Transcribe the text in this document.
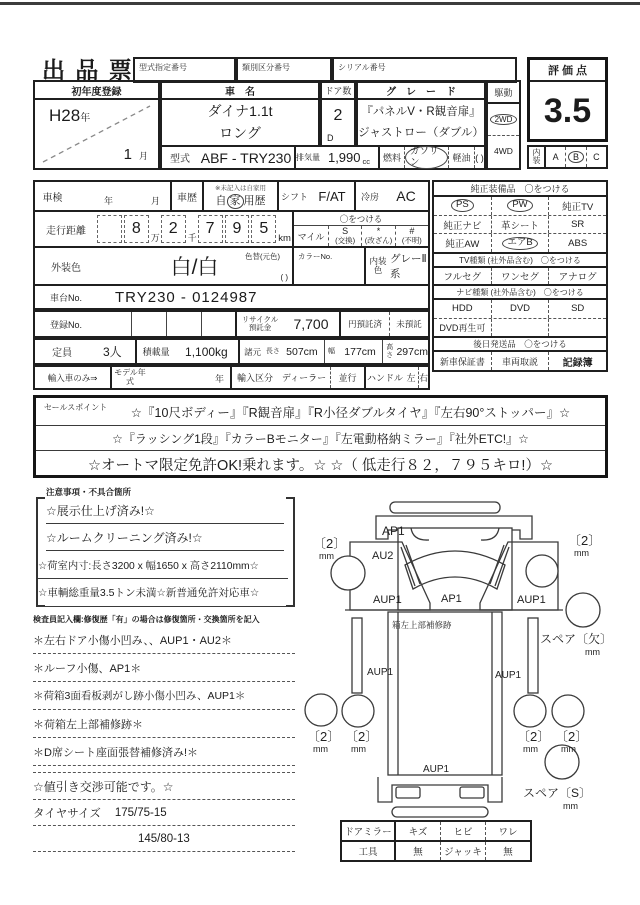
出 品 票 型式指定番号	類別区分番号	シリアル番号	評 価 点
3.5
内装	A	B	C
初年度登録
H28年
1 月
車　名
ダイナ1.1t
ロング
ドア数
2
D
グ　レ　ー　ド
『パネルV・R観音扉』
ジャストロー（ダブル）
駆動
2WD
4WD
型式 ABF - TRY230 排気量 1,990 cc	燃料
ガソリン	軽油 ( )
車検	年	月	車歴
※未記入は自家用
自 家 用歴	シフト F/AT	冷房	AC
走行距離	8
万
2
千
7	9	5
km
〇をつける
マイル
S
(交換)
*
(改ざん)
#
(不明)
外装色	白/白	色替(元色)
( )
カラーNo.	内装色
グレーⅡ系
車台No.	TRY230 - 0124987
登録No.
リサイクル
預託金	7,700	円預託済	未預託
定員	3人	積載量	1,100kg	諸元 長さ 507cm	幅 177cm	高さ 297cm
輸入車のみ⇒	モデル年式	年	輸入区分 ディーラー	並行	ハンドル 左 右
純正装備品　〇をつける
PS	PW	純正TV
純正ナビ	革シート	SR
純正AW	エアB	ABS
TV種類 (社外品含む)　〇をつける
フルセグ	ワンセグ	アナログ
ナビ種類 (社外品含む)　〇をつける
HDD	DVD	SD
DVD再生可
後日発送品　〇をつける
新車保証書	車両取説	記録簿
セールスポイント	☆『10尺ボディー』『R観音扉』『R小径ダブルタイヤ』『左右90°ストッパー』☆
☆『ラッシング1段』『カラーBモニター』『左電動格納ミラー』『社外ETC!』☆
☆オートマ限定免許OK!乗れます。☆ ☆（ 低走行８２，７９５キロ!）☆
注意事項・不具合箇所
☆展示仕上げ済み!☆
☆ルームクリーニング済み!☆
☆荷室内寸:長さ3200 x 幅1650 x 高さ2110mm☆
☆車輌総重量3.5トン未満☆新普通免許対応車☆
検査員記入欄:修復歴「有」の場合は修復箇所・交換箇所を記入
＊左右ドア小傷小凹み、、AUP1・AU2＊
＊ルーフ小傷、AP1＊
＊荷箱3面看板剥がし跡小傷小凹み、AUP1＊
＊荷箱左上部補修跡＊
＊D席シート座面張替補修済み!＊
☆値引き交渉可能です。☆
タイヤサイズ 175/75-15
145/80-13
AP1
AU2
AUP1	AP1	AUP1
〔2〕
mm
〔2〕
mm
箱左上部補修跡
AUP1	AUP1
〔2〕
mm
〔2〕
mm
〔2〕
mm
〔2〕
mm
AUP1
スペア〔欠〕
mm
スペア〔S〕
mm
ドアミラー	キズ	ヒビ	ワレ
工具	無	ジャッキ	無
